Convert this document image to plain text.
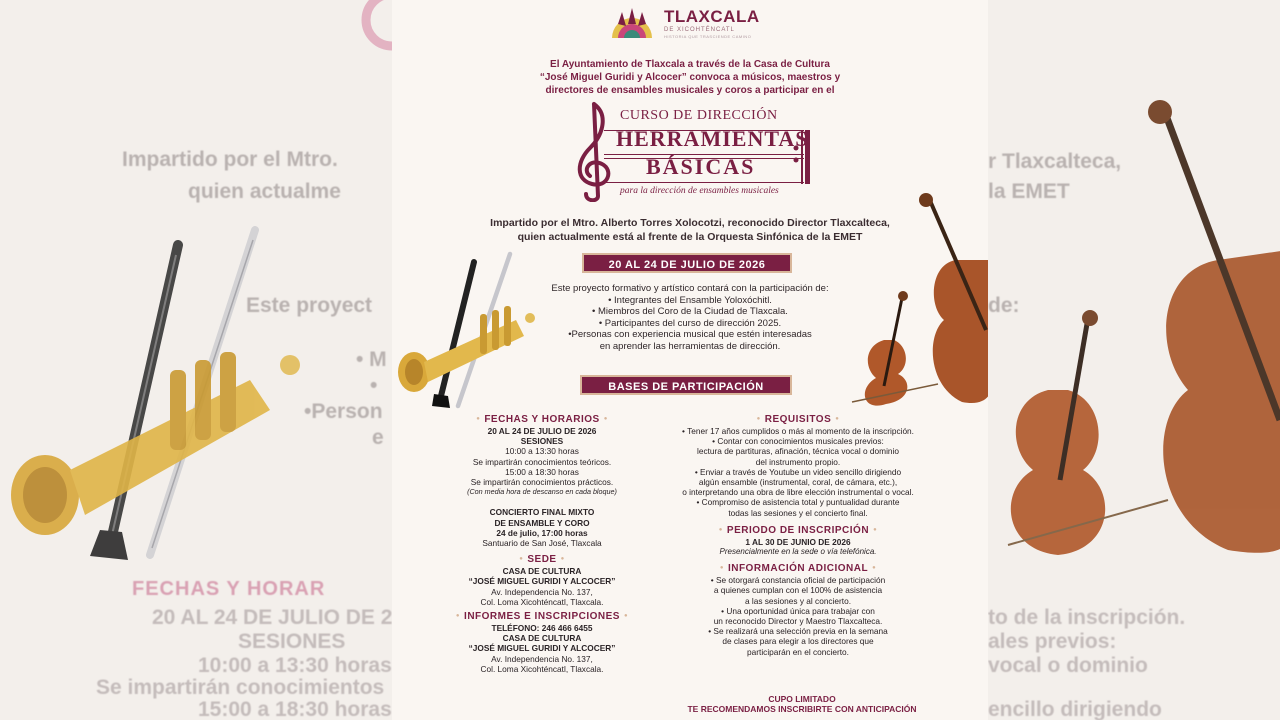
Impartido por el Mtro.
quien actualme
Este proyect
• M
•
•Person
e
FECHAS Y HORAR
20 AL 24 DE JULIO DE 2
SESIONES
10:00 a 13:30 horas
Se impartirán conocimientos
15:00 a 18:30 horas
r Tlaxcalteca,
la EMET
de:
to de la inscripción.
ales previos:
vocal o dominio
encillo dirigiendo
TLAXCALA
DE XICOHTÉNCATL
HISTORIA QUE TRASCIENDE CAMINO
El Ayuntamiento de Tlaxcala a través de la Casa de Cultura
“José Miguel Guridi y Alcocer” convoca a músicos, maestros y
directores de ensambles musicales y coros a participar en el
CURSO DE DIRECCIÓN
HERRAMIENTAS
BÁSICAS
para la dirección de ensambles musicales
Impartido por el Mtro. Alberto Torres Xolocotzi, reconocido Director Tlaxcalteca,
quien actualmente está al frente de la Orquesta Sinfónica de la EMET
20 AL 24 DE JULIO DE 2026
Este proyecto formativo y artístico contará con la participación de:
• Integrantes del Ensamble Yoloxóchitl.
• Miembros del Coro de la Ciudad de Tlaxcala.
• Participantes del curso de dirección 2025.
•Personas con experiencia musical que estén interesadas
en aprender las herramientas de dirección.
BASES DE PARTICIPACIÓN
● FECHAS Y HORARIOS ●
20 AL 24 DE JULIO DE 2026
SESIONES
10:00 a 13:30 horas
Se impartirán conocimientos teóricos.
15:00 a 18:30 horas
Se impartirán conocimientos prácticos.
(Con media hora de descanso en cada bloque)
CONCIERTO FINAL MIXTO
DE ENSAMBLE Y CORO
24 de julio, 17:00 horas
Santuario de San José, Tlaxcala
● SEDE ●
CASA DE CULTURA
“JOSÉ MIGUEL GURIDI Y ALCOCER”
Av. Independencia No. 137,
Col. Loma Xicohténcatl, Tlaxcala.
● INFORMES E INSCRIPCIONES ●
TELÉFONO: 246 466 6455
CASA DE CULTURA
“JOSÉ MIGUEL GURIDI Y ALCOCER”
Av. Independencia No. 137,
Col. Loma Xicohténcatl, Tlaxcala.
● REQUISITOS ●
• Tener 17 años cumplidos o más al momento de la inscripción.
• Contar con conocimientos musicales previos:
lectura de partituras, afinación, técnica vocal o dominio
del instrumento propio.
• Enviar a través de Youtube un video sencillo dirigiendo
algún ensamble (instrumental, coral, de cámara, etc.),
o interpretando una obra de libre elección instrumental o vocal.
• Compromiso de asistencia total y puntualidad durante
todas las sesiones y el concierto final.
● PERIODO DE INSCRIPCIÓN ●
1 AL 30 DE JUNIO DE 2026
Presencialmente en la sede o vía telefónica.
● INFORMACIÓN ADICIONAL ●
• Se otorgará constancia oficial de participación
a quienes cumplan con el 100% de asistencia
a las sesiones y al concierto.
• Una oportunidad única para trabajar con
un reconocido Director y Maestro Tlaxcalteca.
• Se realizará una selección previa en la semana
de clases para elegir a los directores que
participarán en el concierto.
CUPO LIMITADO
TE RECOMENDAMOS INSCRIBIRTE CON ANTICIPACIÓN
